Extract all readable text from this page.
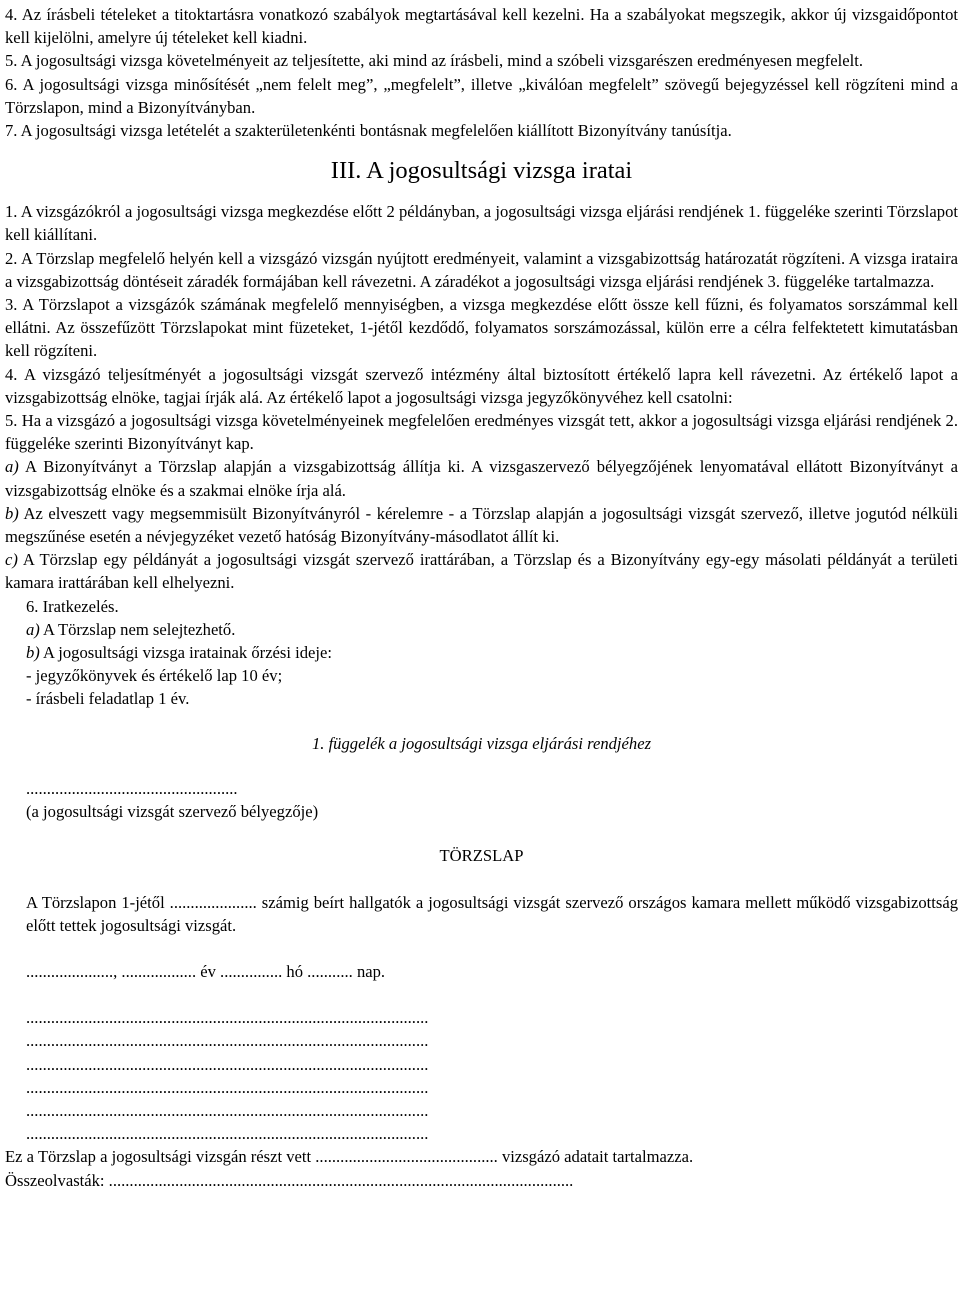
4. Az írásbeli tételeket a titoktartásra vonatkozó szabályok megtartásával kell kezelni. Ha a szabályokat megszegik, akkor új vizsgaidőpontot kell kijelölni, amelyre új tételeket kell kiadni.

5. A jogosultsági vizsga követelményeit az teljesítette, aki mind az írásbeli, mind a szóbeli vizsgarészen eredményesen megfelelt.

6. A jogosultsági vizsga minősítését „nem felelt meg”, „megfelelt”, illetve „kiválóan megfelelt” szövegű bejegyzéssel kell rögzíteni mind a Törzslapon, mind a Bizonyítványban.

7. A jogosultsági vizsga letételét a szakterületenkénti bontásnak megfelelően kiállított Bizonyítvány tanúsítja.

III. A jogosultsági vizsga iratai

1. A vizsgázókról a jogosultsági vizsga megkezdése előtt 2 példányban, a jogosultsági vizsga eljárási rendjének 1. függeléke szerinti Törzslapot kell kiállítani.

2. A Törzslap megfelelő helyén kell a vizsgázó vizsgán nyújtott eredményeit, valamint a vizsgabizottság határozatát rögzíteni. A vizsga irataira a vizsgabizottság döntéseit záradék formájában kell rávezetni. A záradékot a jogosultsági vizsga eljárási rendjének 3. függeléke tartalmazza.

3. A Törzslapot a vizsgázók számának megfelelő mennyiségben, a vizsga megkezdése előtt össze kell fűzni, és folyamatos sorszámmal kell ellátni. Az összefűzött Törzslapokat mint füzeteket, 1-jétől kezdődő, folyamatos sorszámozással, külön erre a célra felfektetett kimutatásban kell rögzíteni.

4. A vizsgázó teljesítményét a jogosultsági vizsgát szervező intézmény által biztosított értékelő lapra kell rávezetni. Az értékelő lapot a vizsgabizottság elnöke, tagjai írják alá. Az értékelő lapot a jogosultsági vizsga jegyzőkönyvéhez kell csatolni:

5. Ha a vizsgázó a jogosultsági vizsga követelményeinek megfelelően eredményes vizsgát tett, akkor a jogosultsági vizsga eljárási rendjének 2. függeléke szerinti Bizonyítványt kap.

a) A Bizonyítványt a Törzslap alapján a vizsgabizottság állítja ki. A vizsgaszervező bélyegzőjének lenyomatával ellátott Bizonyítványt a vizsgabizottság elnöke és a szakmai elnöke írja alá.

b) Az elveszett vagy megsemmisült Bizonyítványról - kérelemre - a Törzslap alapján a jogosultsági vizsgát szervező, illetve jogutód nélküli megszűnése esetén a névjegyzéket vezető hatóság Bizonyítvány-másodlatot állít ki.

c) A Törzslap egy példányát a jogosultsági vizsgát szervező irattárában, a Törzslap és a Bizonyítvány egy-egy másolati példányát a területi kamara irattárában kell elhelyezni.

6. Iratkezelés.

a) A Törzslap nem selejtezhető.

b) A jogosultsági vizsga iratainak őrzési ideje:

- jegyzőkönyvek és értékelő lap 10 év;

- írásbeli feladatlap 1 év.

1. függelék a jogosultsági vizsga eljárási rendjéhez

...................................................

(a jogosultsági vizsgát szervező bélyegzője)

TÖRZSLAP

A Törzslapon 1-jétől ..................... számig beírt hallgatók a jogosultsági vizsgát szervező országos kamara mellett működő vizsgabizottság előtt tettek jogosultsági vizsgát.

....................., .................. év ............... hó ........... nap.

.................................................................................................

.................................................................................................

.................................................................................................

.................................................................................................

.................................................................................................

.................................................................................................

Ez a Törzslap a jogosultsági vizsgán részt vett ............................................ vizsgázó adatait tartalmazza.

Összeolvasták: ................................................................................................................
